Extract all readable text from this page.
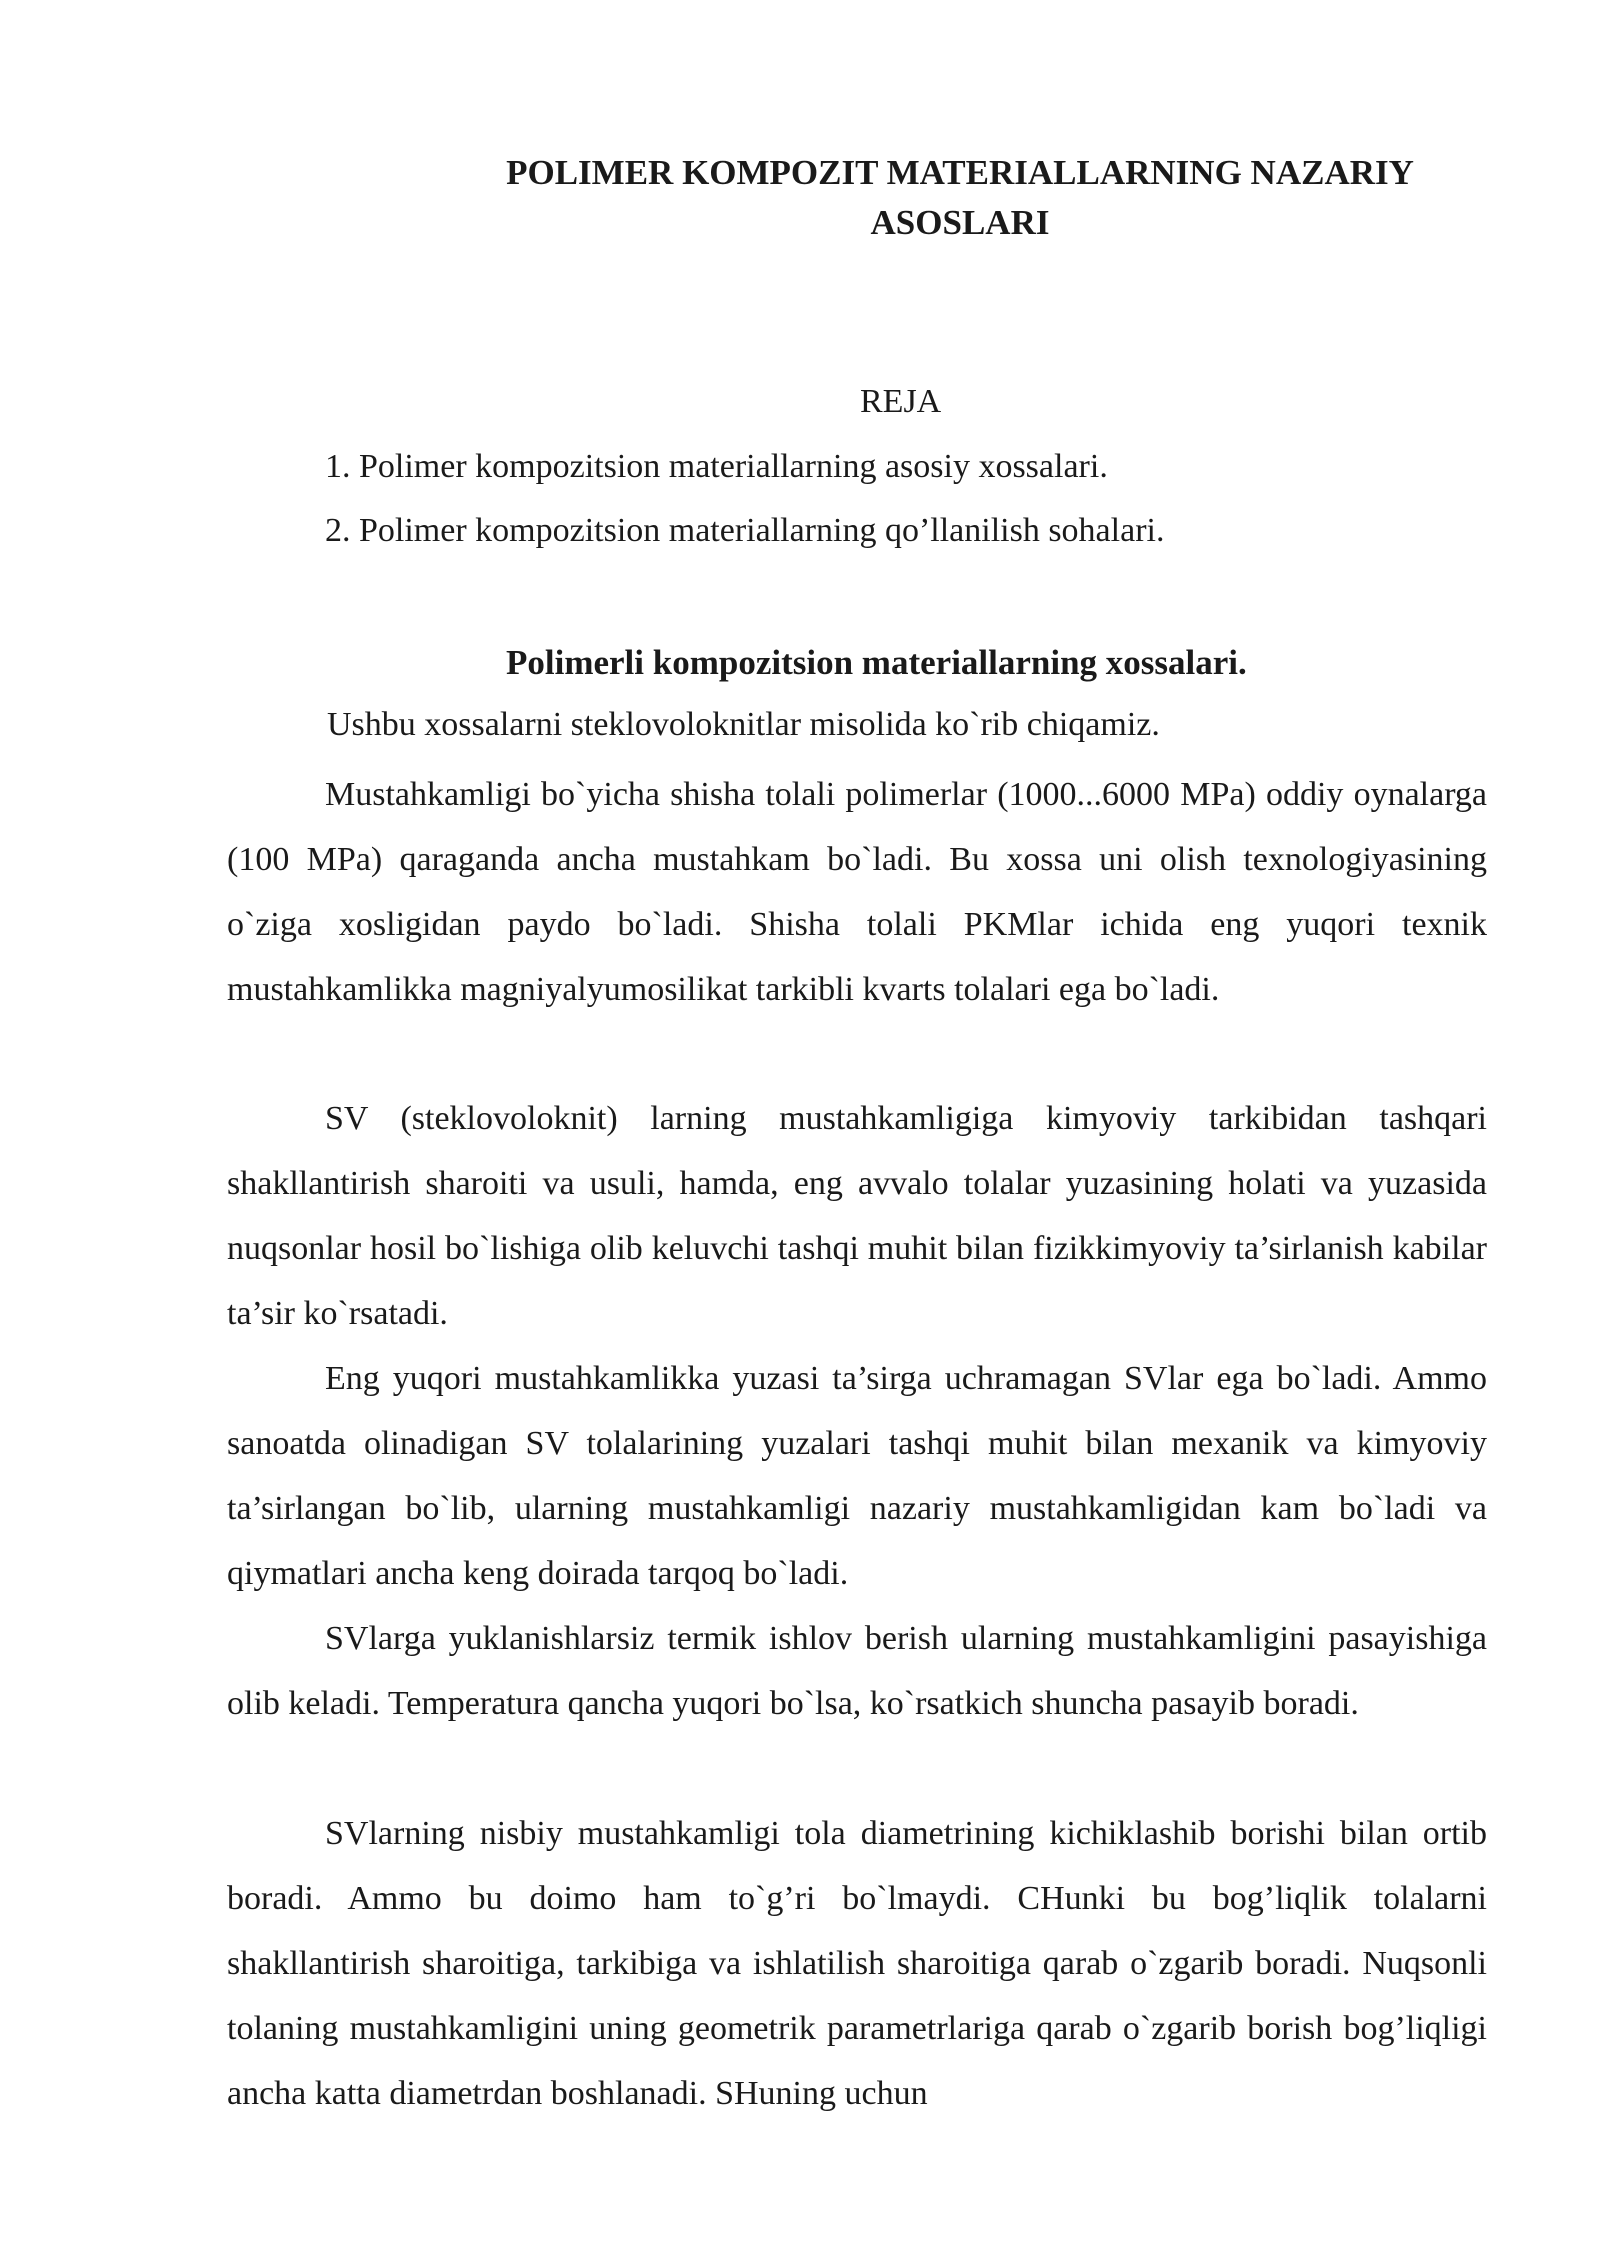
POLIMER KOMPOZIT MATERIALLARNING NAZARIY
ASOSLARI
REJA
1. Polimer kompozitsion materiallarning asosiy xossalari.
2. Polimer kompozitsion materiallarning qo’llanilish sohalari.
Polimerli kompozitsion materiallarning xossalari.
Ushbu xossalarni steklovoloknitlar misolida ko`rib chiqamiz.

Mustahkamligi bo`yicha shisha tolali polimerlar (1000...6000 MPa) oddiy oynalarga (100 MPa) qaraganda ancha mustahkam bo`ladi. Bu xossa uni olish texnologiyasining o`ziga xosligidan paydo bo`ladi. Shisha tolali PKMlar ichida eng yuqori texnik mustahkamlikka magniyalyumosilikat tarkibli kvarts tolalari ega bo`ladi.

SV (steklovoloknit) larning mustahkamligiga kimyoviy tarkibidan tashqari shakllantirish sharoiti va usuli, hamda, eng avvalo tolalar yuzasining holati va yuzasida nuqsonlar hosil bo`lishiga olib keluvchi tashqi muhit bilan fizikkimyoviy ta’sirlanish kabilar ta’sir ko`rsatadi.

Eng yuqori mustahkamlikka yuzasi ta’sirga uchramagan SVlar ega bo`ladi. Ammo sanoatda olinadigan SV tolalarining yuzalari tashqi muhit bilan mexanik va kimyoviy ta’sirlangan bo`lib, ularning mustahkamligi nazariy mustahkamligidan kam bo`ladi va qiymatlari ancha keng doirada tarqoq bo`ladi.

SVlarga yuklanishlarsiz termik ishlov berish ularning mustahkamligini pasayishiga olib keladi. Temperatura qancha yuqori bo`lsa, ko`rsatkich shuncha pasayib boradi.

SVlarning nisbiy mustahkamligi tola diametrining kichiklashib borishi bilan ortib boradi. Ammo bu doimo ham to`g’ri bo`lmaydi. CHunki bu bog’liqlik tolalarni shakllantirish sharoitiga, tarkibiga va ishlatilish sharoitiga qarab o`zgarib boradi. Nuqsonli tolaning mustahkamligini uning geometrik parametrlariga qarab o`zgarib borish bog’liqligi ancha katta diametrdan boshlanadi. SHuning uchun
